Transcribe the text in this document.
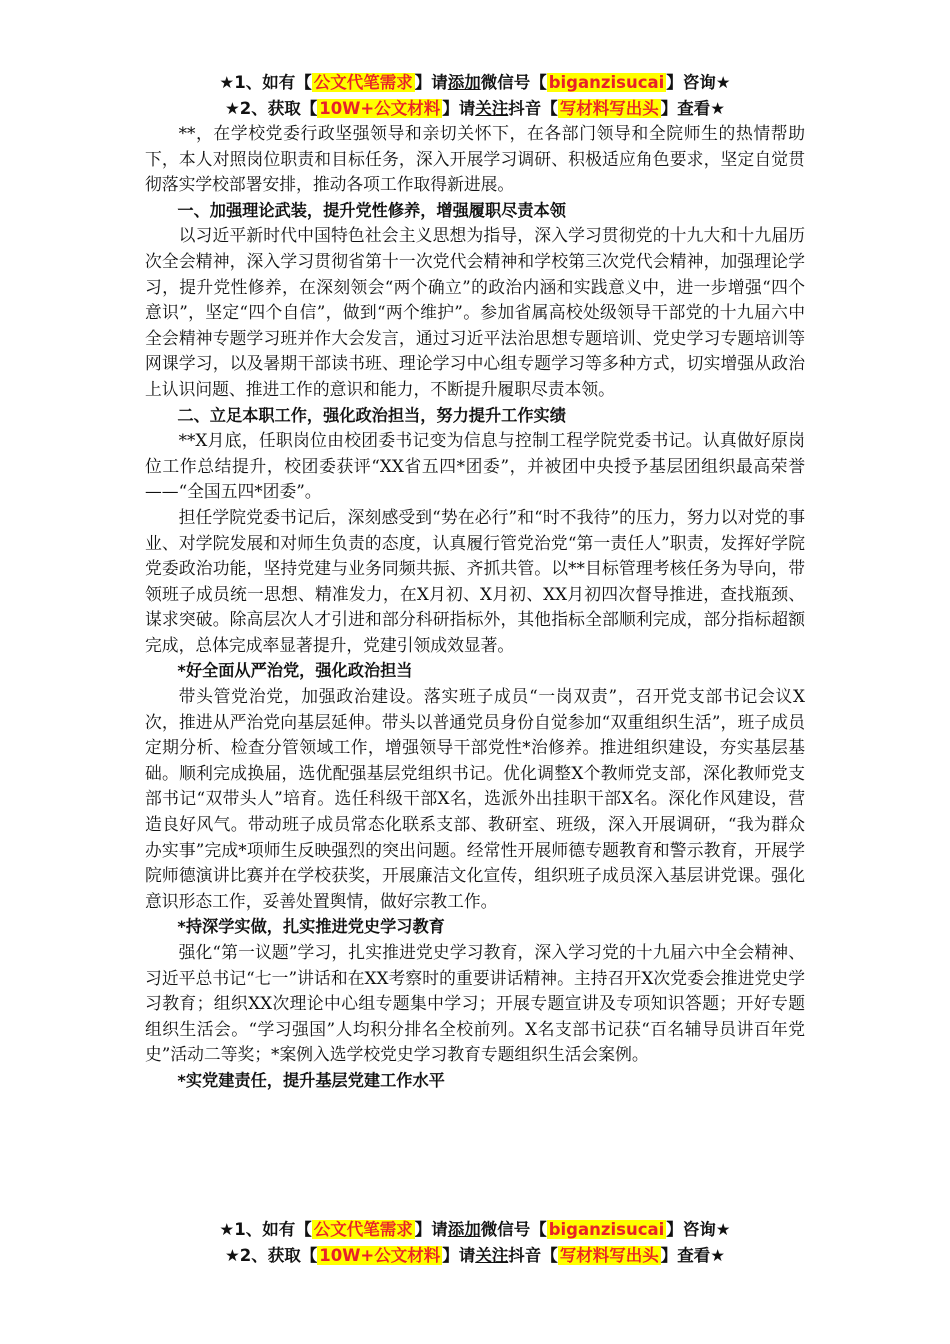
★1、如有【 公文代笔需求 】请添加微信号【 biganzisucai 】咨询★
★2、获取【 10W+公文材料 】请关注抖音【 写材料写出头 】查看★

**，在学校党委行政坚强领导和亲切关怀下，在各部门领导和全院师生的热情帮助下，本人对照岗位职责和目标任务，深入开展学习调研、积极适应角色要求，坚定自觉贯彻落实学校部署安排，推动各项工作取得新进展。

一、加强理论武装，提升党性修养，增强履职尽责本领

以习近平新时代中国特色社会主义思想为指导，深入学习贯彻党的十九大和十九届历次全会精神，深入学习贯彻省第十一次党代会精神和学校第三次党代会精神，加强理论学习，提升党性修养，在深刻领会“两个确立”的政治内涵和实践意义中，进一步增强“四个意识”，坚定“四个自信”，做到“两个维护”。参加省属高校处级领导干部党的十九届六中全会精神专题学习班并作大会发言，通过习近平法治思想专题培训、党史学习专题培训等网课学习，以及暑期干部读书班、理论学习中心组专题学习等多种方式，切实增强从政治上认识问题、推进工作的意识和能力，不断提升履职尽责本领。

二、立足本职工作，强化政治担当，努力提升工作实绩

**X月底，任职岗位由校团委书记变为信息与控制工程学院党委书记。认真做好原岗位工作总结提升，校团委获评“XX省五四*团委”，并被团中央授予基层团组织最高荣誉——“全国五四*团委”。

担任学院党委书记后，深刻感受到“势在必行”和“时不我待”的压力，努力以对党的事业、对学院发展和对师生负责的态度，认真履行管党治党“第一责任人”职责，发挥好学院党委政治功能，坚持党建与业务同频共振、齐抓共管。以**目标管理考核任务为导向，带领班子成员统一思想、精准发力，在X月初、X月初、XX月初四次督导推进，查找瓶颈、谋求突破。除高层次人才引进和部分科研指标外，其他指标全部顺利完成，部分指标超额完成，总体完成率显著提升，党建引领成效显著。

*好全面从严治党，强化政治担当

带头管党治党，加强政治建设。落实班子成员“一岗双责”，召开党支部书记会议X次，推进从严治党向基层延伸。带头以普通党员身份自觉参加“双重组织生活”，班子成员定期分析、检查分管领域工作，增强领导干部党性*治修养。推进组织建设，夯实基层基础。顺利完成换届，选优配强基层党组织书记。优化调整X个教师党支部，深化教师党支部书记“双带头人”培育。选任科级干部X名，选派外出挂职干部X名。深化作风建设，营造良好风气。带动班子成员常态化联系支部、教研室、班级，深入开展调研，“我为群众办实事”完成*项师生反映强烈的突出问题。经常性开展师德专题教育和警示教育，开展学院师德演讲比赛并在学校获奖，开展廉洁文化宣传，组织班子成员深入基层讲党课。强化意识形态工作，妥善处置舆情，做好宗教工作。

*持深学实做，扎实推进党史学习教育

强化“第一议题”学习，扎实推进党史学习教育，深入学习党的十九届六中全会精神、习近平总书记“七一”讲话和在XX考察时的重要讲话精神。主持召开X次党委会推进党史学习教育；组织XX次理论中心组专题集中学习；开展专题宣讲及专项知识答题；开好专题组织生活会。“学习强国”人均积分排名全校前列。X名支部书记获“百名辅导员讲百年党史”活动二等奖；*案例入选学校党史学习教育专题组织生活会案例。

*实党建责任，提升基层党建工作水平

★1、如有【 公文代笔需求 】请添加微信号【 biganzisucai 】咨询★
★2、获取【 10W+公文材料 】请关注抖音【 写材料写出头 】查看★
